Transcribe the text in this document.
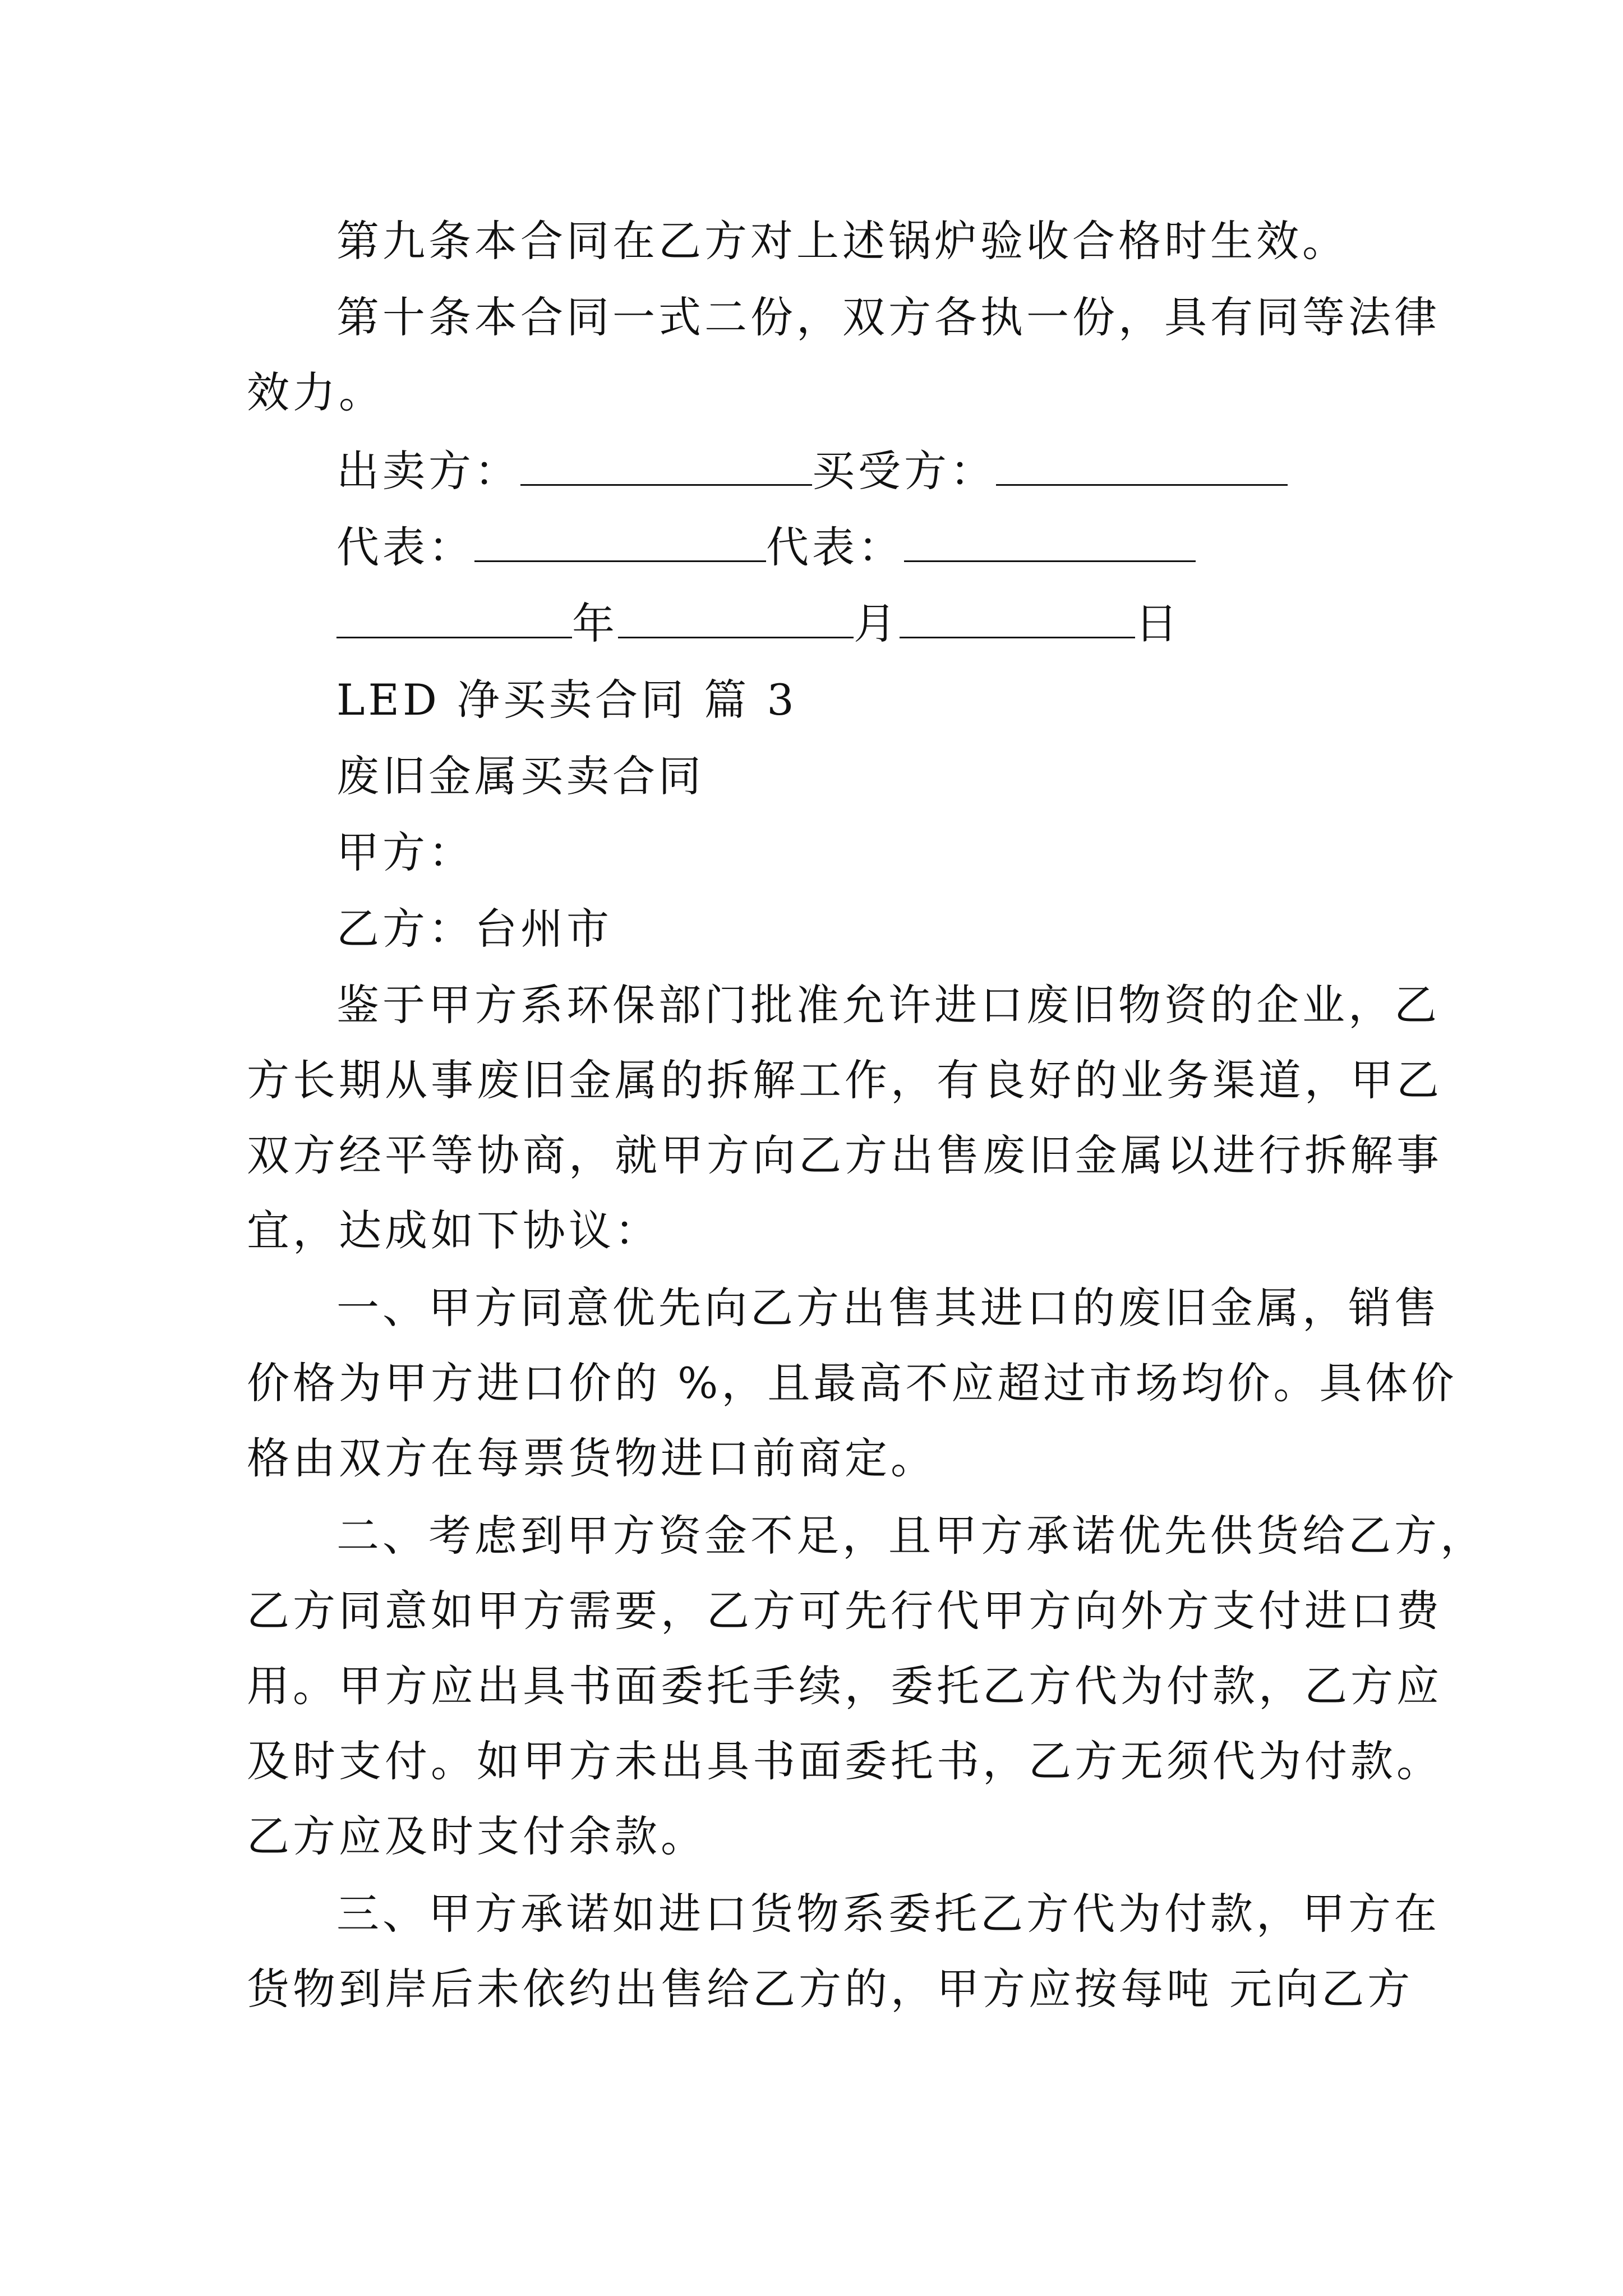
第九条本合同在乙方对上述锅炉验收合格时生效。
第十条本合同一式二份，双方各执一份，具有同等法律
效力。
出卖方：	买受方：
代表：	代表：
年	月	日
LED 净买卖合同 篇 3
废旧金属买卖合同
甲方：
乙方：台州市
鉴于甲方系环保部门批准允许进口废旧物资的企业，乙
方长期从事废旧金属的拆解工作，有良好的业务渠道，甲乙
双方经平等协商，就甲方向乙方出售废旧金属以进行拆解事
宜，达成如下协议：
一、甲方同意优先向乙方出售其进口的废旧金属，销售
价格为甲方进口价的 %，且最高不应超过市场均价。具体价
格由双方在每票货物进口前商定。
二、考虑到甲方资金不足，且甲方承诺优先供货给乙方，
乙方同意如甲方需要，乙方可先行代甲方向外方支付进口费
用。甲方应出具书面委托手续，委托乙方代为付款，乙方应
及时支付。如甲方未出具书面委托书，乙方无须代为付款。
乙方应及时支付余款。
三、甲方承诺如进口货物系委托乙方代为付款，甲方在
货物到岸后未依约出售给乙方的，甲方应按每吨 元向乙方
